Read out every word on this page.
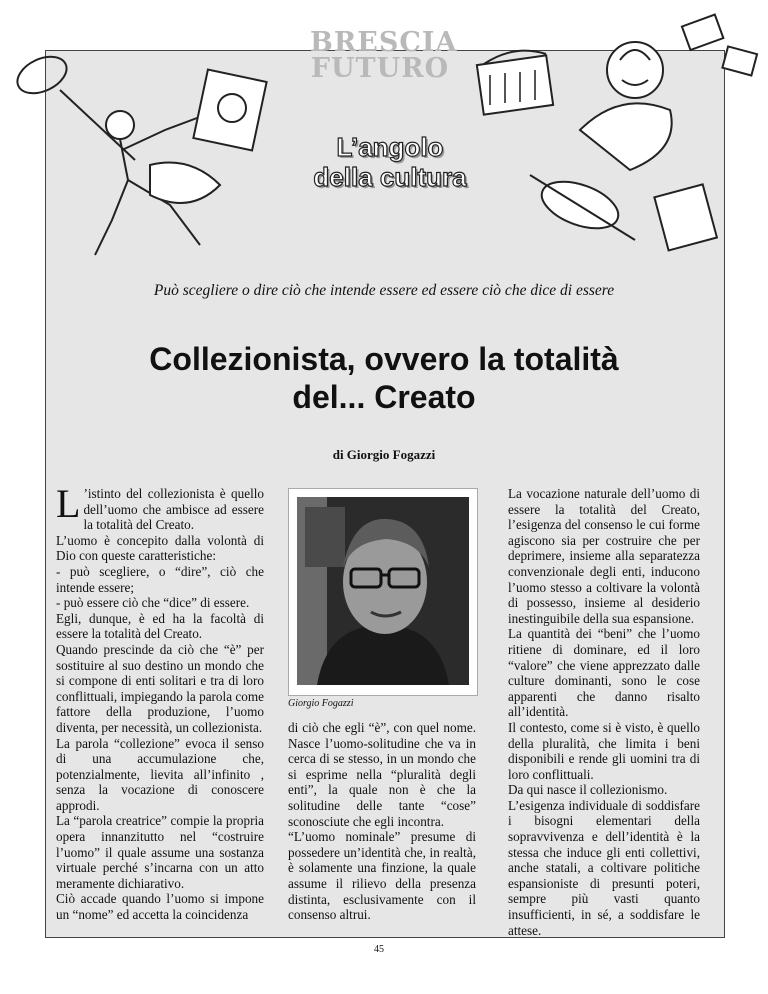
BRESCIA
FUTURO
L’angolo
della cultura
Può scegliere o dire ciò che intende essere ed essere ciò che dice di essere
Collezionista, ovvero la totalità
del... Creato
di Giorgio Fogazzi

L ’istinto del collezionista è quello dell’uomo che ambisce ad essere la totalità del Creato.

L’uomo è concepito dalla volontà di Dio con queste caratteristiche:

- può scegliere, o “dire”, ciò che intende essere;

- può essere ciò che “dice” di essere.

Egli, dunque, è ed ha la facoltà di essere la totalità del Creato.

Quando prescinde da ciò che “è” per sostituire al suo destino un mondo che si compone di enti solitari e tra di loro conflittuali, impiegando la parola come fattore della produzione, l’uomo diventa, per necessità, un collezionista.

La parola “collezione” evoca il senso di una accumulazione che, potenzialmente, lievita all’infinito , senza la vocazione di conoscere approdi.

La “parola creatrice” compie la propria opera innanzitutto nel “costruire l’uomo” il quale assume una sostanza virtuale perché s’incarna con un atto meramente dichiarativo.

Ciò accade quando l’uomo si impone un “nome” ed accetta la coincidenza

Giorgio Fogazzi

di ciò che egli “è”, con quel nome. Nasce l’uomo-solitudine che va in cerca di se stesso, in un mondo che si esprime nella “pluralità degli enti”, la quale non è che la solitudine delle tante “cose” sconosciute che egli incontra.

“L’uomo nominale” presume di possedere un’identità che, in realtà, è solamente una finzione, la quale assume il rilievo della presenza distinta, esclusivamente con il consenso altrui.

La vocazione naturale dell’uomo di essere la totalità del Creato, l’esigenza del consenso le cui forme agiscono sia per costruire che per deprimere, insieme alla separatezza convenzionale degli enti, inducono l’uomo stesso a coltivare la volontà di possesso, insieme al desiderio inestinguibile della sua espansione.

La quantità dei “beni” che l’uomo ritiene di dominare, ed il loro “valore” che viene apprezzato dalle culture dominanti, sono le cose apparenti che danno risalto all’identità.

Il contesto, come si è visto, è quello della pluralità, che limita i beni disponibili e rende gli uomini tra di loro conflittuali.

Da qui nasce il collezionismo.

L’esigenza individuale di soddisfare i bisogni elementari della sopravvivenza e dell’identità è la stessa che induce gli enti collettivi, anche statali, a coltivare politiche espansioniste di presunti poteri, sempre più vasti quanto insufficienti, in sé, a soddisfare le attese.

45
